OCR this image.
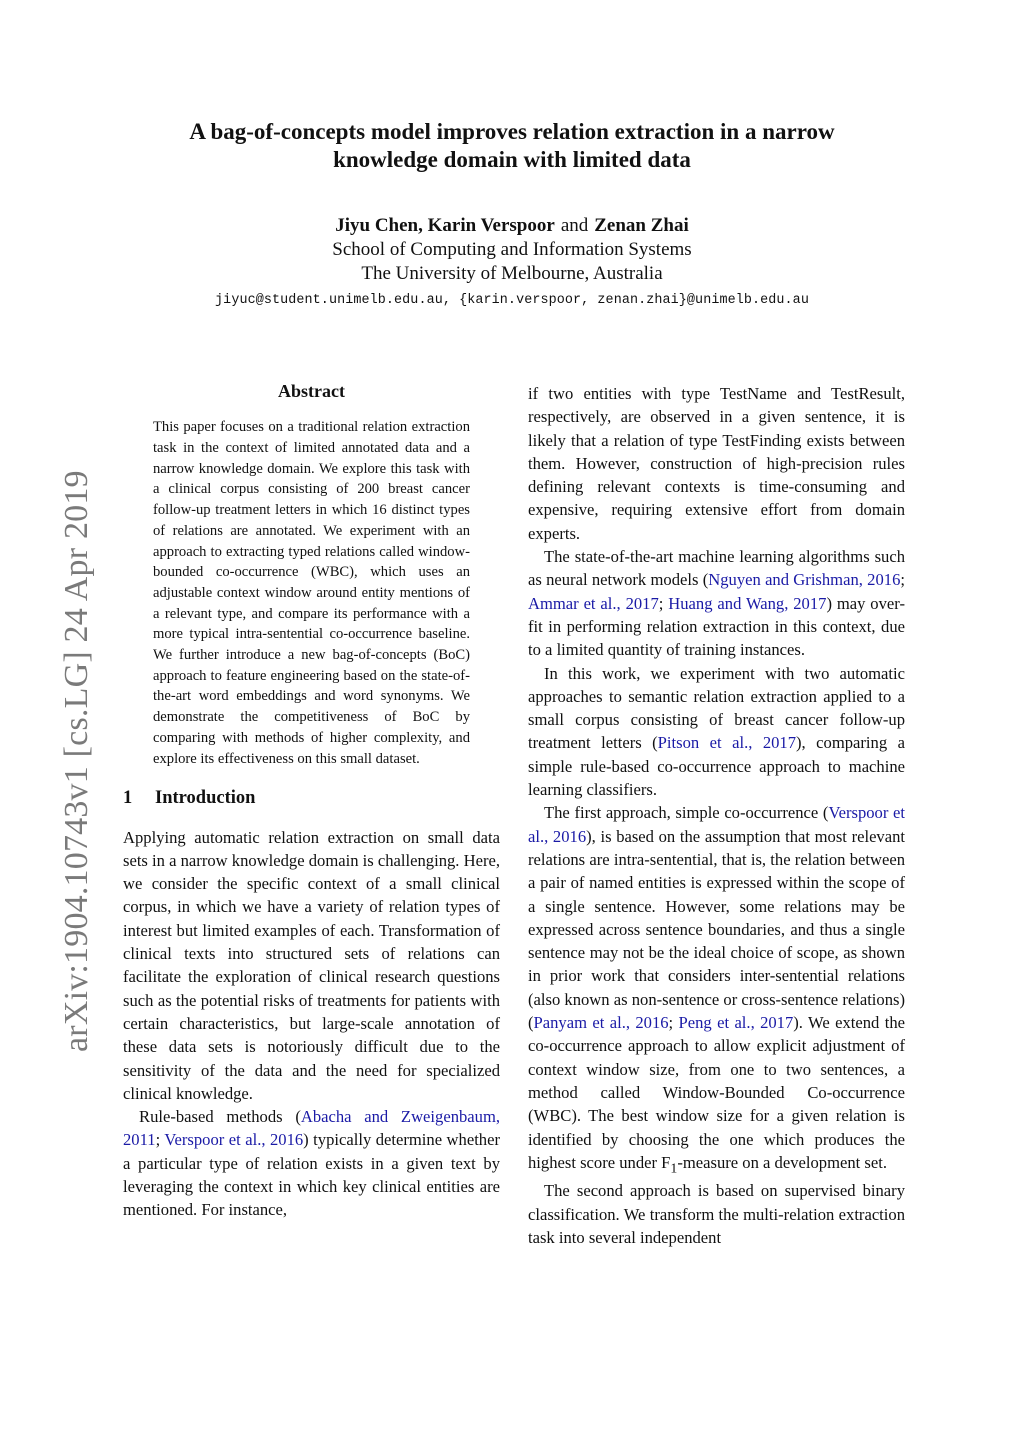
arXiv:1904.10743v1 [cs.LG] 24 Apr 2019
A bag-of-concepts model improves relation extraction in a narrow
knowledge domain with limited data
Jiyu Chen, Karin Verspoor and Zenan Zhai
School of Computing and Information Systems
The University of Melbourne, Australia
jiyuc@student.unimelb.edu.au, {karin.verspoor, zenan.zhai}@unimelb.edu.au
Abstract

This paper focuses on a traditional relation extraction task in the context of limited annotated data and a narrow knowledge domain. We explore this task with a clinical corpus consisting of 200 breast cancer follow-up treatment letters in which 16 distinct types of relations are annotated. We experiment with an approach to extracting typed relations called window-bounded co-occurrence (WBC), which uses an adjustable context window around entity mentions of a relevant type, and compare its performance with a more typical intra-sentential co-occurrence baseline. We further introduce a new bag-of-concepts (BoC) approach to feature engineering based on the state-of-the-art word embeddings and word synonyms. We demonstrate the competitiveness of BoC by comparing with methods of higher complexity, and explore its effectiveness on this small dataset.

1 Introduction

Applying automatic relation extraction on small data sets in a narrow knowledge domain is challenging. Here, we consider the specific context of a small clinical corpus, in which we have a variety of relation types of interest but limited examples of each. Transformation of clinical texts into structured sets of relations can facilitate the exploration of clinical research questions such as the potential risks of treatments for patients with certain characteristics, but large-scale annotation of these data sets is notoriously difficult due to the sensitivity of the data and the need for specialized clinical knowledge.

Rule-based methods (Abacha and Zweigenbaum, 2011; Verspoor et al., 2016) typically determine whether a particular type of relation exists in a given text by leveraging the context in which key clinical entities are mentioned. For instance,

if two entities with type TestName and TestResult, respectively, are observed in a given sentence, it is likely that a relation of type TestFinding exists between them. However, construction of high-precision rules defining relevant contexts is time-consuming and expensive, requiring extensive effort from domain experts.

The state-of-the-art machine learning algorithms such as neural network models (Nguyen and Grishman, 2016; Ammar et al., 2017; Huang and Wang, 2017) may over-fit in performing relation extraction in this context, due to a limited quantity of training instances.

In this work, we experiment with two automatic approaches to semantic relation extraction applied to a small corpus consisting of breast cancer follow-up treatment letters (Pitson et al., 2017), comparing a simple rule-based co-occurrence approach to machine learning classifiers.

The first approach, simple co-occurrence (Verspoor et al., 2016), is based on the assumption that most relevant relations are intra-sentential, that is, the relation between a pair of named entities is expressed within the scope of a single sentence. However, some relations may be expressed across sentence boundaries, and thus a single sentence may not be the ideal choice of scope, as shown in prior work that considers inter-sentential relations (also known as non-sentence or cross-sentence relations) (Panyam et al., 2016; Peng et al., 2017). We extend the co-occurrence approach to allow explicit adjustment of context window size, from one to two sentences, a method called Window-Bounded Co-occurrence (WBC). The best window size for a given relation is identified by choosing the one which produces the highest score under $F_1$-measure on a development set.

The second approach is based on supervised binary classification. We transform the multi-relation extraction task into several independent
